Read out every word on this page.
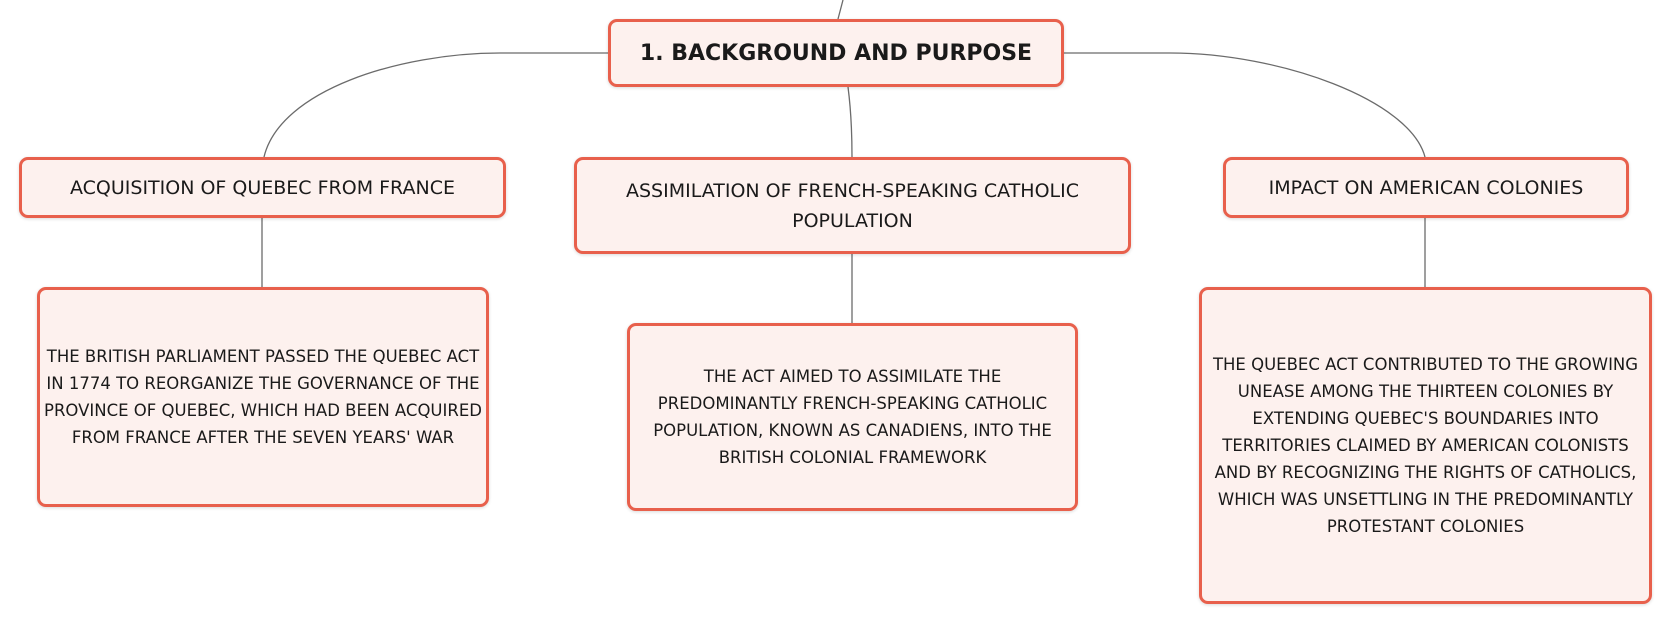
1. BACKGROUND AND PURPOSE
ACQUISITION OF QUEBEC FROM FRANCE	ASSIMILATION OF FRENCH-SPEAKING CATHOLIC POPULATION
IMPACT ON AMERICAN COLONIES
THE BRITISH PARLIAMENT PASSED THE QUEBEC ACT IN 1774 TO REORGANIZE THE GOVERNANCE OF THE PROVINCE OF QUEBEC, WHICH HAD BEEN ACQUIRED FROM FRANCE AFTER THE SEVEN YEARS' WAR
THE ACT AIMED TO ASSIMILATE THE PREDOMINANTLY FRENCH-SPEAKING CATHOLIC POPULATION, KNOWN AS CANADIENS, INTO THE BRITISH COLONIAL FRAMEWORK
THE QUEBEC ACT CONTRIBUTED TO THE GROWING UNEASE AMONG THE THIRTEEN COLONIES BY EXTENDING QUEBEC'S BOUNDARIES INTO TERRITORIES CLAIMED BY AMERICAN COLONISTS AND BY RECOGNIZING THE RIGHTS OF CATHOLICS, WHICH WAS UNSETTLING IN THE PREDOMINANTLY PROTESTANT COLONIES
